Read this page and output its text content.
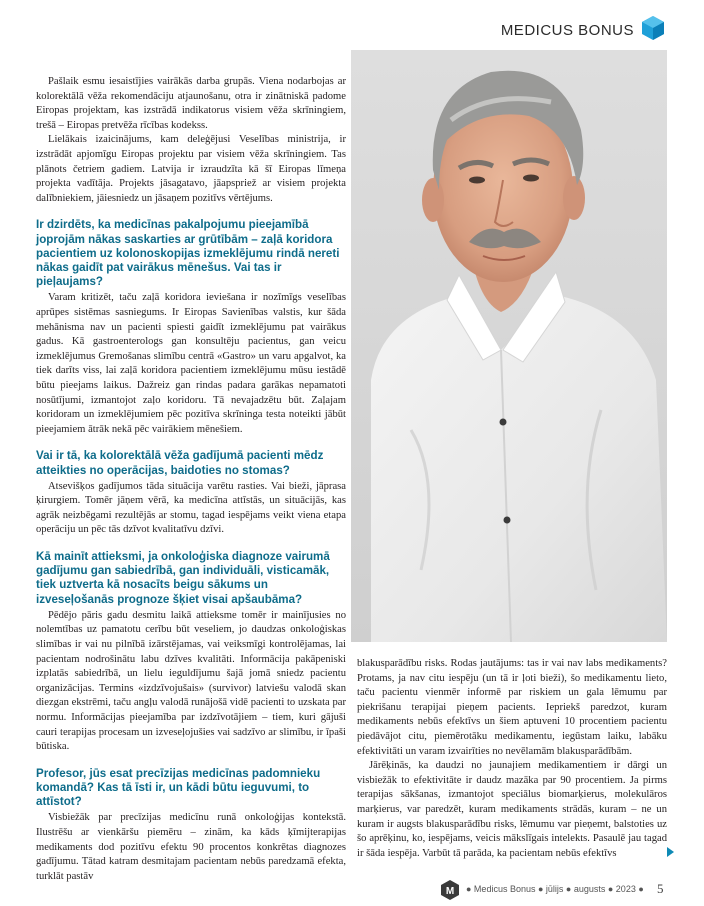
MEDICUS BONUS

Pašlaik esmu iesaistījies vairākās darba grupās. Viena nodarbojas ar kolorektālā vēža rekomendāciju atjaunošanu, otra ir zinātniskā padome Eiropas projektam, kas izstrādā indikatorus visiem vēža skrīningiem, trešā – Eiropas pretvēža rīcības kodekss.

Lielākais izaicinājums, kam deleģējusi Veselības ministrija, ir izstrādāt apjomīgu Eiropas projektu par visiem vēža skrīningiem. Tas plānots četriem gadiem. Latvija ir izraudzīta kā šī Eiropas līmeņa projekta vadītāja. Projekts jāsagatavo, jāapspriež ar visiem projekta dalībniekiem, jāiesniedz un jāsaņem pozitīvs vērtējums.

Ir dzirdēts, ka medicīnas pakalpojumu pieejamībā joprojām nākas saskarties ar grūtībām – zaļā koridora pacientiem uz kolonoskopijas izmeklējumu rindā nereti nākas gaidīt pat vairākus mēnešus. Vai tas ir pieļaujams?

Varam kritizēt, taču zaļā koridora ieviešana ir nozīmīgs veselības aprūpes sistēmas sasniegums. Ir Eiropas Savienības valstis, kur šāda mehānisma nav un pacienti spiesti gaidīt izmeklējumu pat vairākus gadus. Kā gastroenterologs gan konsultēju pacientus, gan veicu izmeklējumus Gremošanas slimību centrā «Gastro» un varu apgalvot, ka tiek darīts viss, lai zaļā koridora pacientiem izmeklējumu mūsu iestādē būtu pieejams laikus. Dažreiz gan rindas padara garākas nepamatoti nosūtījumi, izmantojot zaļo koridoru. Tā nevajadzētu būt. Zaļajam koridoram un izmeklējumiem pēc pozitīva skrīninga testa noteikti jābūt pieejamiem ātrāk nekā pēc vairākiem mēnešiem.

Vai ir tā, ka kolorektālā vēža gadījumā pacienti mēdz atteikties no operācijas, baidoties no stomas?

Atsevišķos gadījumos tāda situācija varētu rasties. Vai bieži, jāprasa ķirurgiem. Tomēr jāņem vērā, ka medicīna attīstās, un situācijās, kas agrāk neizbēgami rezultējās ar stomu, tagad iespējams veikt viena etapa operāciju un pēc tās dzīvot kvalitatīvu dzīvi.

Kā mainīt attieksmi, ja onkoloģiska diagnoze vairumā gadījumu gan sabiedrībā, gan individuāli, visticamāk, tiek uztverta kā nosacīts beigu sākums un izveseļošanās prognoze šķiet visai apšaubāma?

Pēdējo pāris gadu desmitu laikā attieksme tomēr ir mainījusies no nolemtības uz pamatotu cerību būt veseliem, jo daudzas onkoloģiskas slimības ir vai nu pilnībā izārstējamas, vai veiksmīgi kontrolējamas, lai pacientam nodrošinātu labu dzīves kvalitāti. Informācija pakāpeniski izplatās sabiedrībā, un lielu ieguldījumu šajā jomā sniedz pacientu organizācijas. Termins «izdzīvojušais» (survivor) latviešu valodā skan diezgan ekstrēmi, taču angļu valodā runājošā vidē pacienti to uzskata par normu. Informācijas pieejamība par izdzīvotājiem – tiem, kuri gājuši cauri terapijas procesam un izveseļojušies vai sadzīvo ar slimību, ir īpaši būtiska.

Profesor, jūs esat precīzijas medicīnas padomnieku komandā? Kas tā īsti ir, un kādi būtu ieguvumi, to attīstot?

Visbiežāk par precīzijas medicīnu runā onkoloģijas kontekstā. Ilustrēšu ar vienkāršu piemēru – zinām, ka kāds ķīmijterapijas medikaments dod pozitīvu efektu 90 procentos konkrētas diagnozes gadījumu. Tātad katram desmitajam pacientam nebūs paredzamā efekta, turklāt pastāv

blakusparādību risks. Rodas jautājums: tas ir vai nav labs medikaments? Protams, ja nav citu iespēju (un tā ir ļoti bieži), šo medikamentu lieto, taču pacientu vienmēr informē par riskiem un gala lēmumu par piekrišanu terapijai pieņem pacients. Iepriekš paredzot, kuram medikaments nebūs efektīvs un šiem aptuveni 10 procentiem pacientu piedāvājot citu, piemērotāku medikamentu, iegūstam laiku, labāku efektivitāti un varam izvairīties no nevēlamām blakusparādībām.

Jārēķinās, ka daudzi no jaunajiem medikamentiem ir dārgi un visbiežāk to efektivitāte ir daudz mazāka par 90 procentiem. Ja pirms terapijas sākšanas, izmantojot speciālus biomarķierus, molekulāros marķierus, var paredzēt, kuram medikaments strādās, kuram – ne un kuram ir augsts blakusparādību risks, lēmumu var pieņemt, balstoties uz šo aprēķinu, ko, iespējams, veicis mākslīgais intelekts. Pasaulē jau tagad ir šāda iespēja. Varbūt tā parāda, ka pacientam nebūs efektīvs

M ● Medicus Bonus ● jūlijs ● augusts ● 2023 ● 5
